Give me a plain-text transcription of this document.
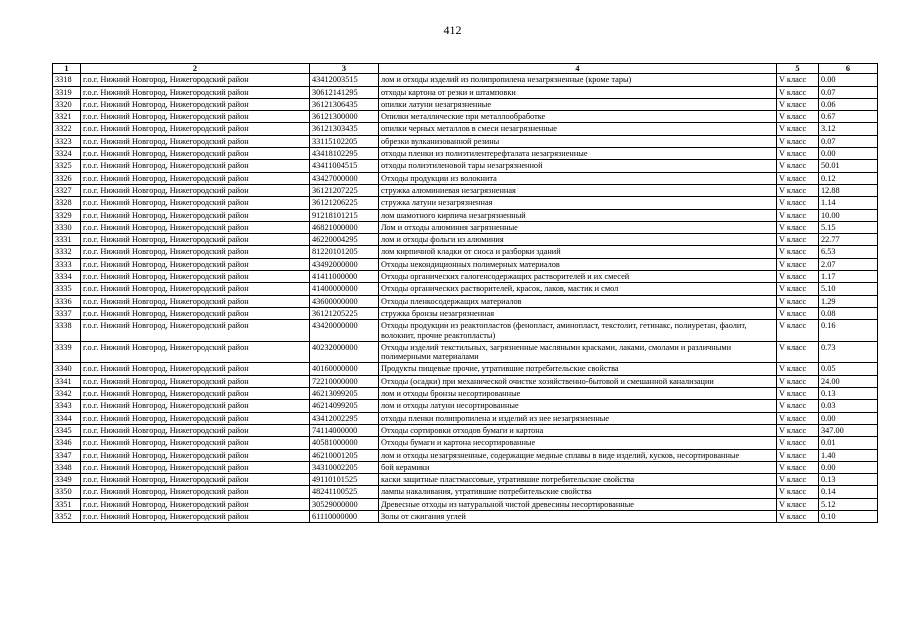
412
1	2	3	4	5	6
3318	г.о.г. Нижний Новгород, Нижегородский район	43412003515	лом и отходы изделий из полипропилена незагрязненные (кроме тары)	V класс	0.00
3319	г.о.г. Нижний Новгород, Нижегородский район	30612141295	отходы картона от резки и штамповки	V класс	0.07
3320	г.о.г. Нижний Новгород, Нижегородский район	36121306435	опилки латуни незагрязненные	V класс	0.06
3321	г.о.г. Нижний Новгород, Нижегородский район	36121300000	Опилки металлические при металлообработке	V класс	0.67
3322	г.о.г. Нижний Новгород, Нижегородский район	36121303435	опилки черных металлов в смеси незагрязненные	V класс	3.12
3323	г.о.г. Нижний Новгород, Нижегородский район	33115102205	обрезки вулканизованной резины	V класс	0.07
3324	г.о.г. Нижний Новгород, Нижегородский район	43418102295	отходы пленки из полиэтилентерефталата незагрязненные	V класс	0.00
3325	г.о.г. Нижний Новгород, Нижегородский район	43411004515	отходы полиэтиленовой тары незагрязненной	V класс	50.01
3326	г.о.г. Нижний Новгород, Нижегородский район	43427000000	Отходы продукции из волокнита	V класс	0.12
3327	г.о.г. Нижний Новгород, Нижегородский район	36121207225	стружка алюминиевая незагрязненная	V класс	12.88
3328	г.о.г. Нижний Новгород, Нижегородский район	36121206225	стружка латуни незагрязненная	V класс	1.14
3329	г.о.г. Нижний Новгород, Нижегородский район	91218101215	лом шамотного кирпича незагрязненный	V класс	10.00
3330	г.о.г. Нижний Новгород, Нижегородский район	46821000000	Лом и отходы алюминия загрязненные	V класс	5.15
3331	г.о.г. Нижний Новгород, Нижегородский район	46220004295	лом и отходы фольги из алюминия	V класс	22.77
3332	г.о.г. Нижний Новгород, Нижегородский район	81220101205	лом кирпичной кладки от сноса и разборки зданий	V класс	6.53
3333	г.о.г. Нижний Новгород, Нижегородский район	43492000000	Отходы некондиционных полимерных материалов	V класс	2.07
3334	г.о.г. Нижний Новгород, Нижегородский район	41411000000	Отходы органических галогенсодержащих растворителей и их смесей	V класс	1.17
3335	г.о.г. Нижний Новгород, Нижегородский район	41400000000	Отходы органических растворителей, красок, лаков, мастик и смол	V класс	5.10
3336	г.о.г. Нижний Новгород, Нижегородский район	43600000000	Отходы пленкосодержащих материалов	V класс	1.29
3337	г.о.г. Нижний Новгород, Нижегородский район	36121205225	стружка бронзы незагрязненная	V класс	0.08
3338	г.о.г. Нижний Новгород, Нижегородский район	43420000000	Отходы продукции из реактопластов (фенопласт, аминопласт, текстолит, гетинакс, полиуретан, фаолит, волокнит, прочие реактопласты)	V класс	0.16
3339	г.о.г. Нижний Новгород, Нижегородский район	40232000000	Отходы изделий текстильных, загрязненные масляными красками, лаками, смолами и различными полимерными материалами	V класс	0.73
3340	г.о.г. Нижний Новгород, Нижегородский район	40160000000	Продукты пищевые прочие, утратившие потребительские свойства	V класс	0.05
3341	г.о.г. Нижний Новгород, Нижегородский район	72210000000	Отходы (осадки) при механической очистке хозяйственно-бытовой и смешанной канализации	V класс	24.00
3342	г.о.г. Нижний Новгород, Нижегородский район	46213099205	лом и отходы бронзы несортированные	V класс	0.13
3343	г.о.г. Нижний Новгород, Нижегородский район	46214099205	лом и отходы латуни несортированные	V класс	0.03
3344	г.о.г. Нижний Новгород, Нижегородский район	43412002295	отходы пленки полипропилена и изделий из нее незагрязненные	V класс	0.00
3345	г.о.г. Нижний Новгород, Нижегородский район	74114000000	Отходы сортировки отходов бумаги и картона	V класс	347.00
3346	г.о.г. Нижний Новгород, Нижегородский район	40581000000	Отходы бумаги и картона несортированные	V класс	0.01
3347	г.о.г. Нижний Новгород, Нижегородский район	46210001205	лом и отходы незагрязненные, содержащие медные сплавы в виде изделий, кусков, несортированные	V класс	1.40
3348	г.о.г. Нижний Новгород, Нижегородский район	34310002205	бой керамики	V класс	0.00
3349	г.о.г. Нижний Новгород, Нижегородский район	49110101525	каски защитные пластмассовые, утратившие потребительские свойства	V класс	0.13
3350	г.о.г. Нижний Новгород, Нижегородский район	48241100525	лампы накаливания, утратившие потребительские свойства	V класс	0.14
3351	г.о.г. Нижний Новгород, Нижегородский район	30529000000	Древесные отходы из натуральной чистой древесины несортированные	V класс	5.12
3352	г.о.г. Нижний Новгород, Нижегородский район	61110000000	Золы от сжигания углей	V класс	0.10
